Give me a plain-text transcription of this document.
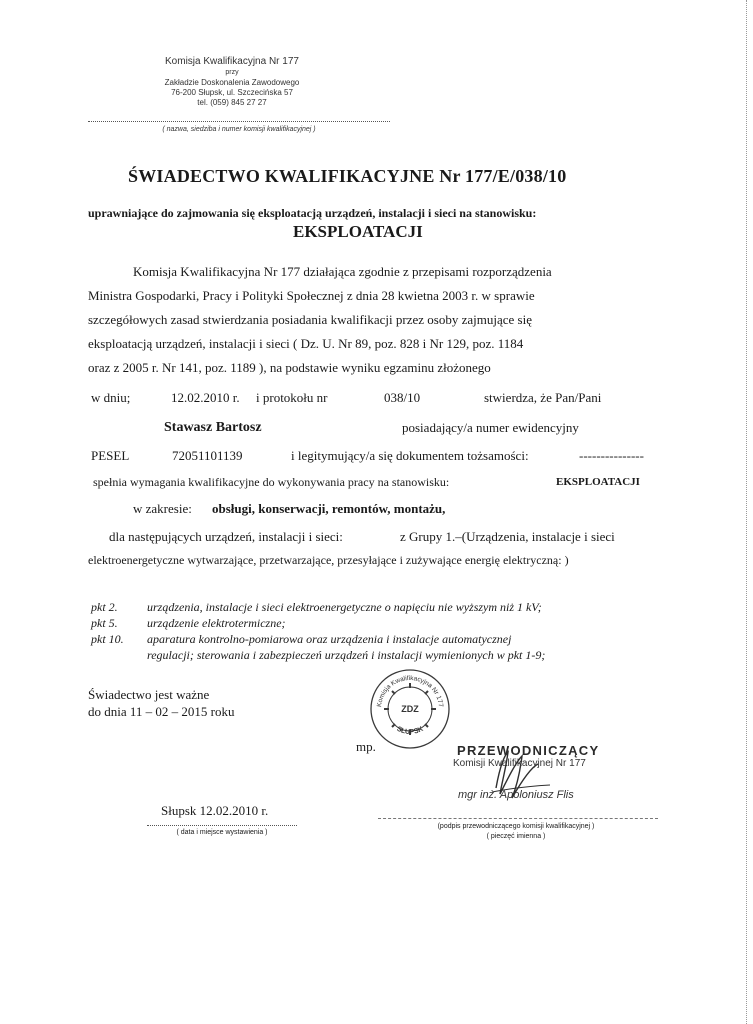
Komisja Kwalifikacyjna Nr 177
przy
Zakładzie Doskonalenia Zawodowego
76-200 Słupsk, ul. Szczecińska 57
tel. (059) 845 27 27
( nazwa, siedziba i numer komisji kwalifikacyjnej )
ŚWIADECTWO KWALIFIKACYJNE Nr 177/E/038/10
uprawniające do zajmowania się eksploatacją urządzeń, instalacji i sieci na stanowisku:
EKSPLOATACJI
Komisja Kwalifikacyjna Nr 177 działająca zgodnie z przepisami rozporządzenia
Ministra Gospodarki, Pracy i Polityki Społecznej z dnia 28 kwietna 2003 r. w sprawie
szczegółowych zasad stwierdzania posiadania kwalifikacji przez osoby zajmujące się
eksploatacją urządzeń, instalacji i sieci ( Dz. U. Nr 89, poz. 828 i Nr 129, poz. 1184
oraz z 2005 r. Nr 141, poz. 1189 ), na podstawie wyniku egzaminu złożonego
w dniu;	12.02.2010 r. i protokołu nr	038/10	stwierdza, że Pan/Pani
Stawasz Bartosz	posiadający/a numer ewidencyjny
PESEL	72051101139	i legitymujący/a się dokumentem tożsamości:	---------------
spełnia wymagania kwalifikacyjne do wykonywania pracy na stanowisku:	EKSPLOATACJI
w zakresie: obsługi, konserwacji, remontów, montażu,
dla następujących urządzeń, instalacji i sieci:	z Grupy 1.–(Urządzenia, instalacje i sieci
elektroenergetyczne wytwarzające, przetwarzające, przesyłające i zużywające energię elektryczną: )
pkt 2. urządzenia, instalacje i sieci elektroenergetyczne o napięciu nie wyższym niż 1 kV;
pkt 5. urządzenie elektrotermiczne;
pkt 10. aparatura kontrolno-pomiarowa oraz urządzenia i instalacje automatycznej
regulacji; sterowania i zabezpieczeń urządzeń i instalacji wymienionych w pkt 1-9;
Świadectwo jest ważne
do dnia 11 – 02 – 2015 roku	Komisja Kwalifikacyjna Nr 177
SŁUPSK
ZDZ
mp.	PRZEWODNICZĄCY
Komisji Kwalifikacyjnej Nr 177
mgr inż. Apoloniusz Flis
(podpis przewodniczącego komisji kwalifikacyjnej )
( pieczęć imienna )
Słupsk 12.02.2010 r.
( data i miejsce wystawienia )
